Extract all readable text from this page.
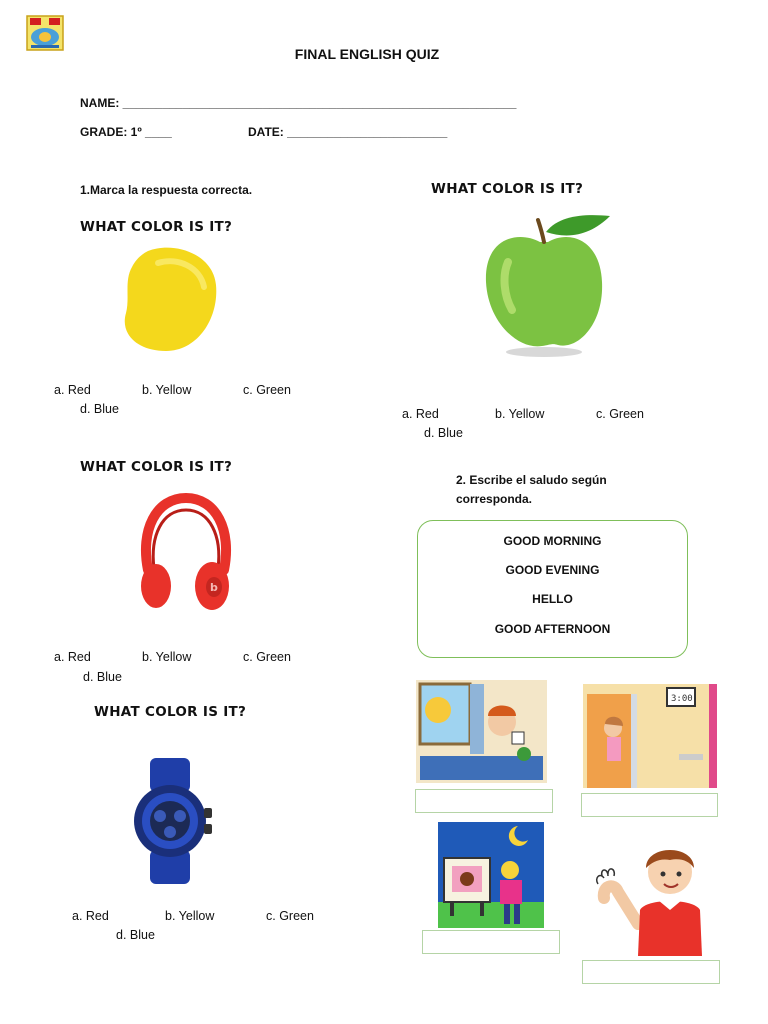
FINAL ENGLISH QUIZ
NAME: ___________________________________________________________
GRADE: 1º ____	DATE: ________________________
1.Marca la respuesta correcta.
WHAT COLOR IS IT?
a. Red	b. Yellow	c. Green
d. Blue
WHAT COLOR IS IT?
a. Red	b. Yellow	c. Green
d. Blue
WHAT COLOR IS IT?
b
a. Red	b. Yellow	c. Green
d. Blue
WHAT COLOR IS IT?
a. Red	b. Yellow	c. Green
d. Blue
2. Escribe el saludo según
corresponda.
GOOD MORNING
GOOD EVENING
HELLO
GOOD AFTERNOON
3:00
